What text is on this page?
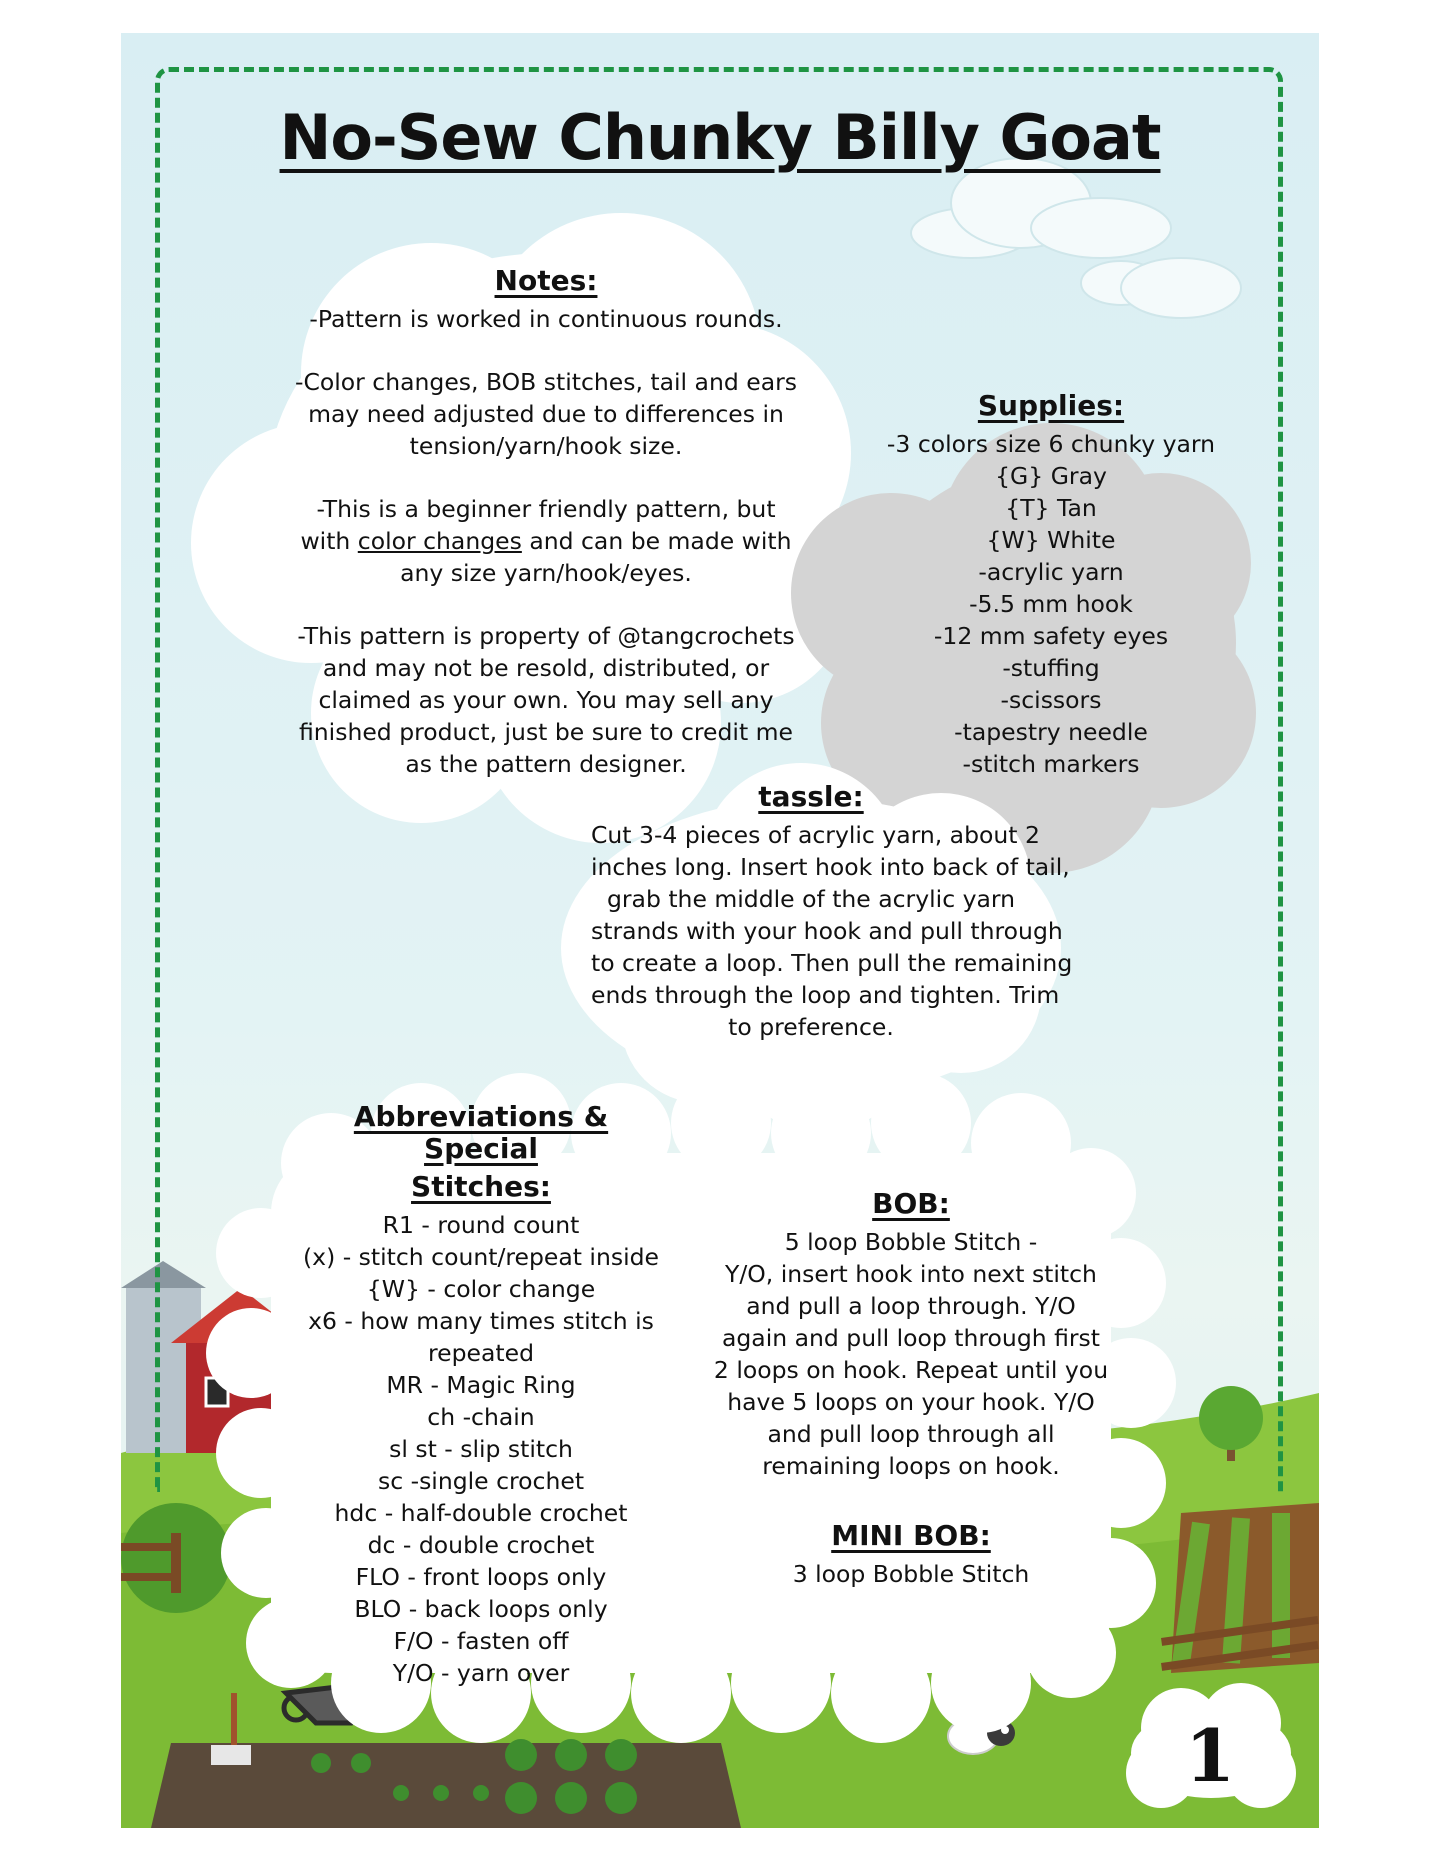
No-Sew Chunky Billy Goat
Notes:
-Pattern is worked in continuous rounds.
-Color changes, BOB stitches, tail and ears
may need adjusted due to differences in
tension/yarn/hook size.
-This is a beginner friendly pattern, but
with color changes and can be made with
any size yarn/hook/eyes.
-This pattern is property of @tangcrochets
and may not be resold, distributed, or
claimed as your own. You may sell any
finished product, just be sure to credit me
as the pattern designer.
Supplies:
-3 colors size 6 chunky yarn
{G} Gray
{T} Tan
{W} White
-acrylic yarn
-5.5 mm hook
-12 mm safety eyes
-stuffing
-scissors
-tapestry needle
-stitch markers
tassle:
Cut 3-4 pieces of acrylic yarn, about 2
inches long. Insert hook into back of tail,
grab the middle of the acrylic yarn
strands with your hook and pull through
to create a loop. Then pull the remaining
ends through the loop and tighten. Trim
to preference.
Abbreviations & Special
Stitches:
R1 - round count
(x) - stitch count/repeat inside
{W} - color change
x6 - how many times stitch is
repeated
MR - Magic Ring
ch -chain
sl st - slip stitch
sc -single crochet
hdc - half-double crochet
dc - double crochet
FLO - front loops only
BLO - back loops only
F/O - fasten off
Y/O - yarn over
BOB:
5 loop Bobble Stitch -
Y/O, insert hook into next stitch
and pull a loop through. Y/O
again and pull loop through first
2 loops on hook. Repeat until you
have 5 loops on your hook. Y/O
and pull loop through all
remaining loops on hook.
MINI BOB:
3 loop Bobble Stitch
1
